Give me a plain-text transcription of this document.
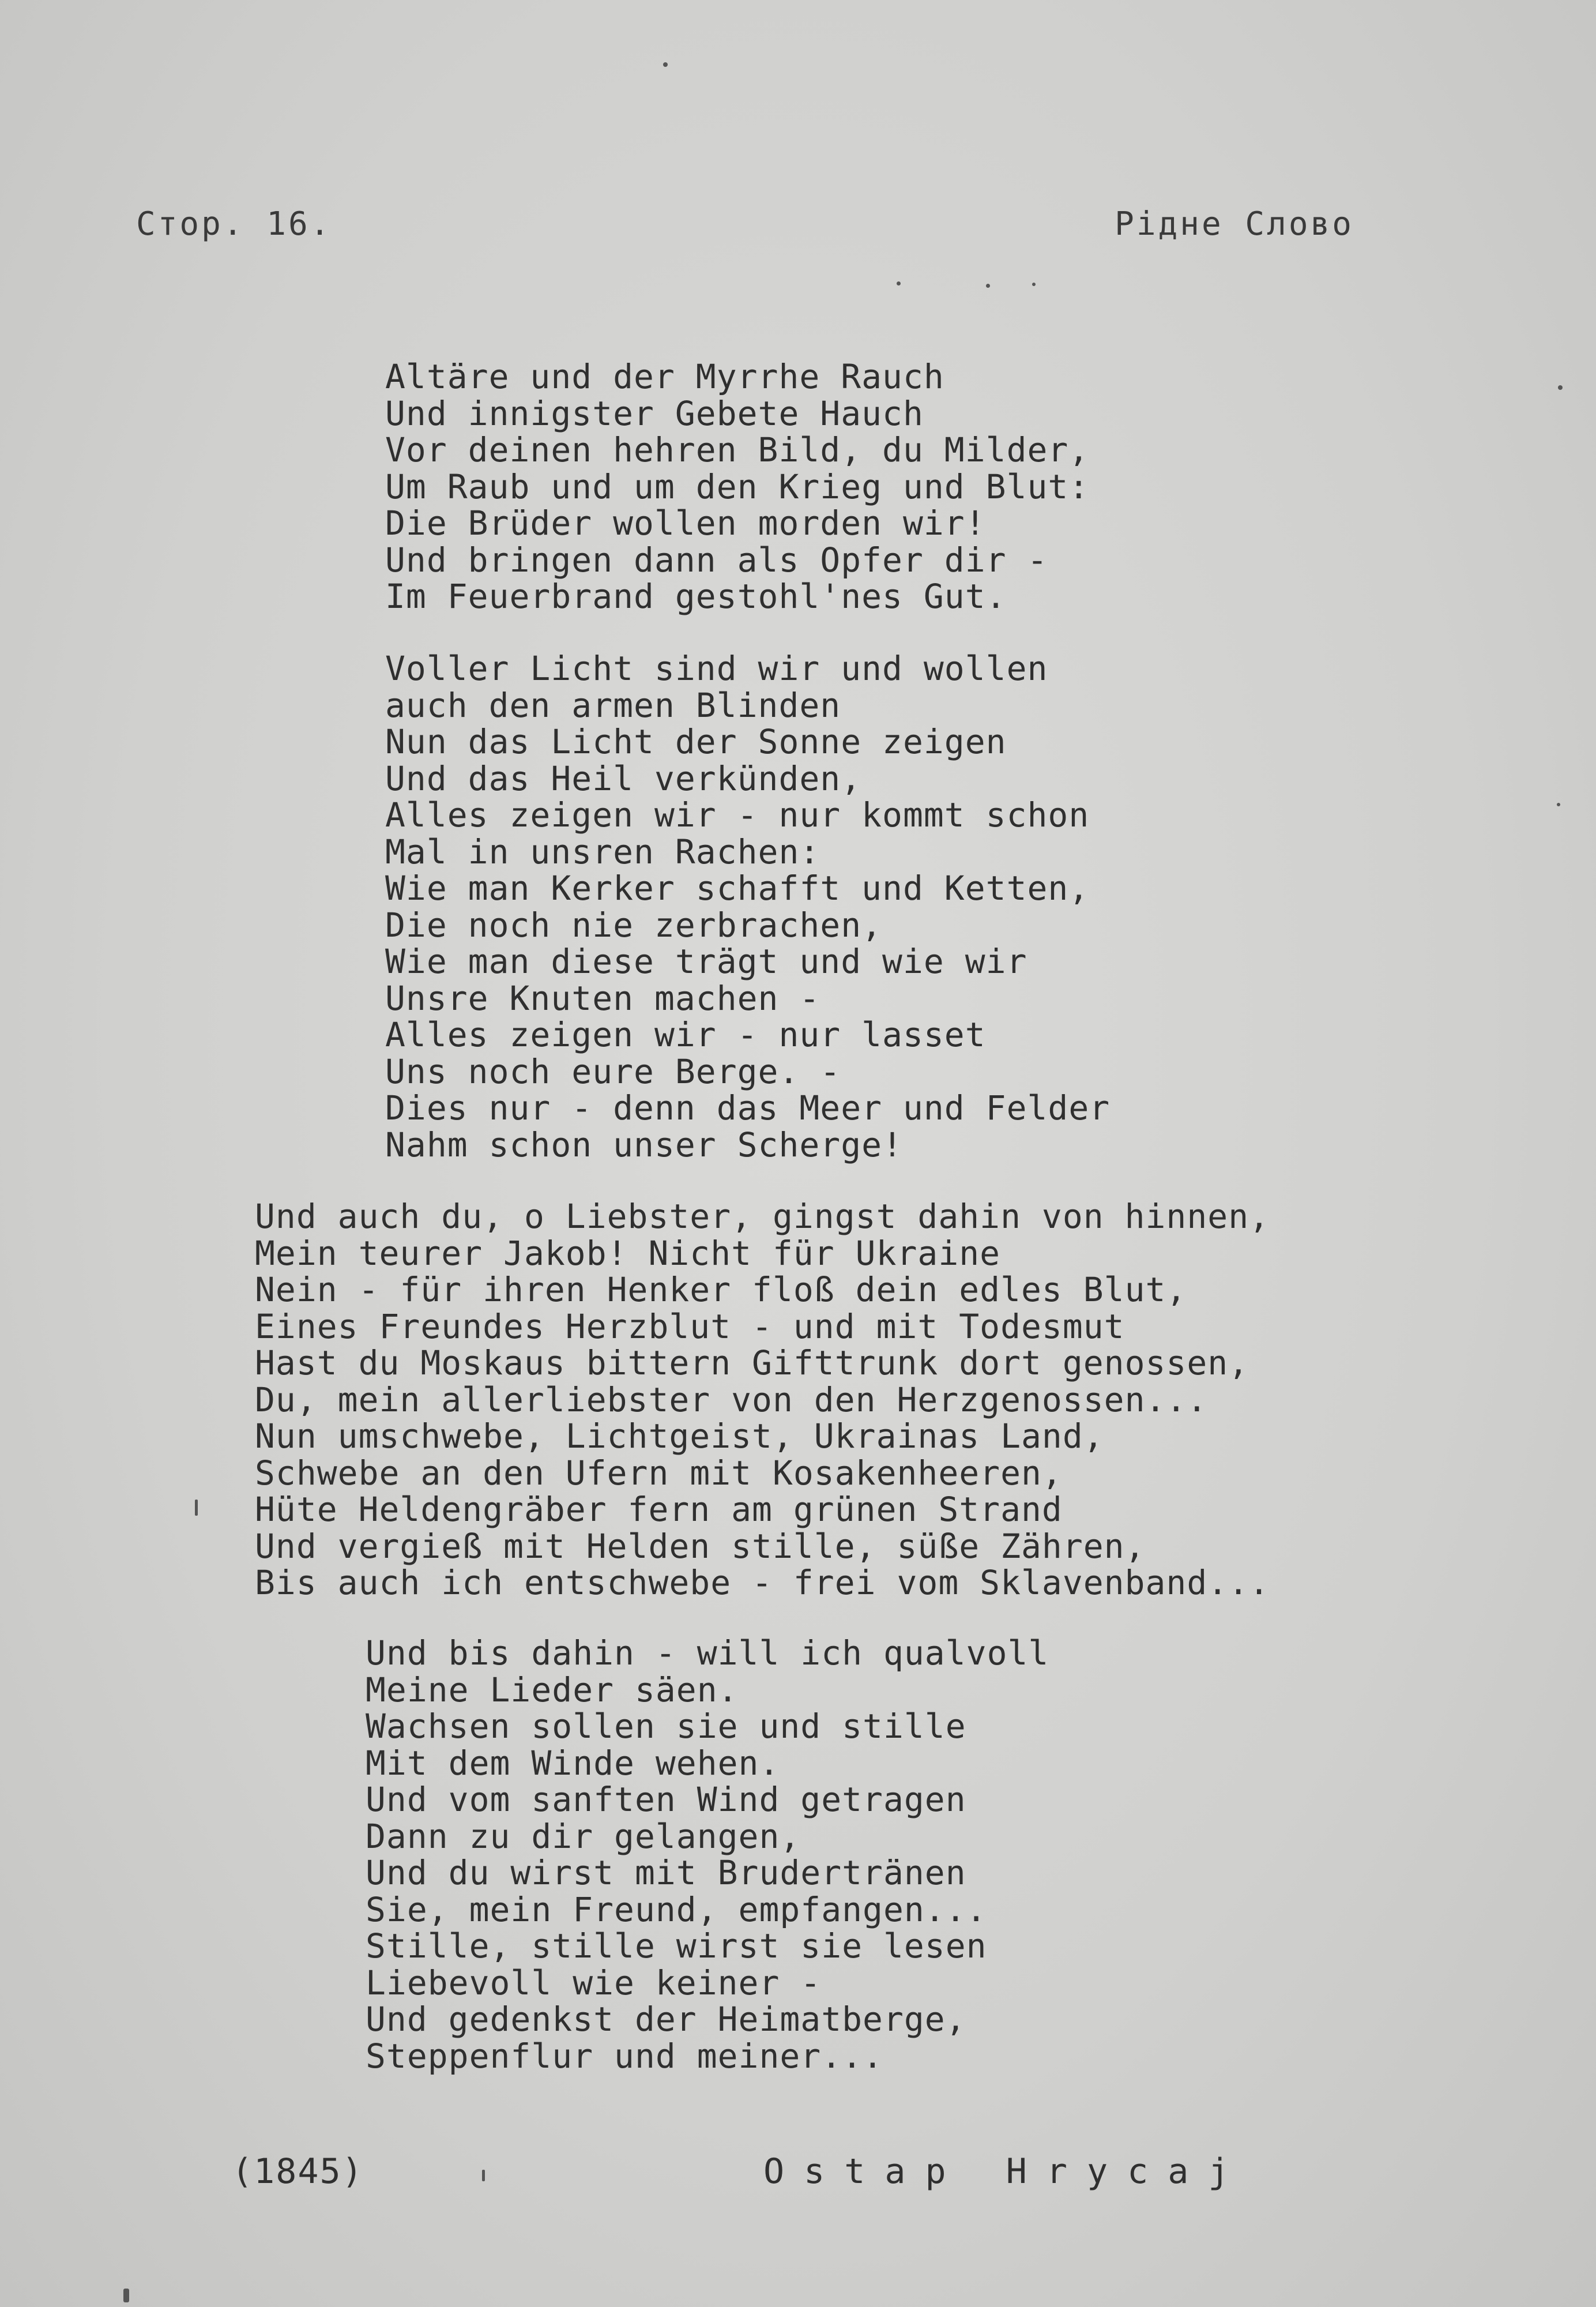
Стор. 16.	Рідне Слово
Altäre und der Myrrhe Rauch
Und innigster Gebete Hauch
Vor deinen hehren Bild, du Milder,
Um Raub und um den Krieg und Blut:
Die Brüder wollen morden wir!
Und bringen dann als Opfer dir -
Im Feuerbrand gestohl'nes Gut.
Voller Licht sind wir und wollen
auch den armen Blinden
Nun das Licht der Sonne zeigen
Und das Heil verkünden,
Alles zeigen wir - nur kommt schon
Mal in unsren Rachen:
Wie man Kerker schafft und Ketten,
Die noch nie zerbrachen,
Wie man diese trägt und wie wir
Unsre Knuten machen -
Alles zeigen wir - nur lasset
Uns noch eure Berge. -
Dies nur - denn das Meer und Felder
Nahm schon unser Scherge!
Und auch du, o Liebster, gingst dahin von hinnen,
Mein teurer Jakob! Nicht für Ukraine
Nein - für ihren Henker floß dein edles Blut,
Eines Freundes Herzblut - und mit Todesmut
Hast du Moskaus bittern Gifttrunk dort genossen,
Du, mein allerliebster von den Herzgenossen...
Nun umschwebe, Lichtgeist, Ukrainas Land,
Schwebe an den Ufern mit Kosakenheeren,
Hüte Heldengräber fern am grünen Strand
Und vergieß mit Helden stille, süße Zähren,
Bis auch ich entschwebe - frei vom Sklavenband...
Und bis dahin - will ich qualvoll
Meine Lieder säen.
Wachsen sollen sie und stille
Mit dem Winde wehen.
Und vom sanften Wind getragen
Dann zu dir gelangen,
Und du wirst mit Brudertränen
Sie, mein Freund, empfangen...
Stille, stille wirst sie lesen
Liebevoll wie keiner -
Und gedenkst der Heimatberge,
Steppenflur und meiner...
(1845)	Ostap Hrycaj
